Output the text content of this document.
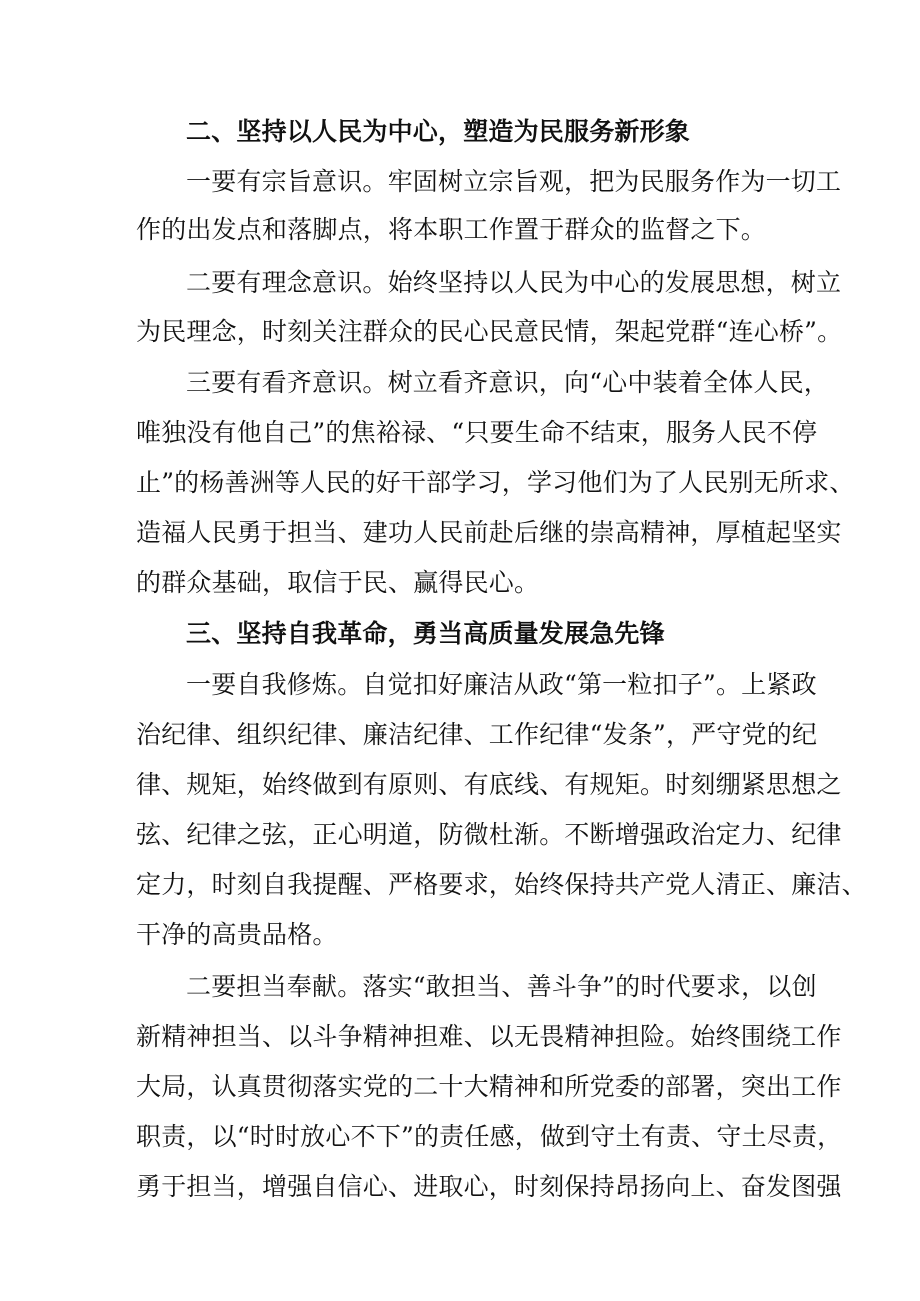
二、坚持以人民为中心，塑造为民服务新形象
一要有宗旨意识。牢固树立宗旨观，把为民服务作为一切工
作的出发点和落脚点，将本职工作置于群众的监督之下。
二要有理念意识。始终坚持以人民为中心的发展思想，树立
为民理念，时刻关注群众的民心民意民情，架起党群“连心桥”。
三要有看齐意识。树立看齐意识，向“心中装着全体人民，
唯独没有他自己”的焦裕禄、“只要生命不结束，服务人民不停
止”的杨善洲等人民的好干部学习，学习他们为了人民别无所求、
造福人民勇于担当、建功人民前赴后继的崇高精神，厚植起坚实
的群众基础，取信于民、赢得民心。
三、坚持自我革命，勇当高质量发展急先锋
一要自我修炼。自觉扣好廉洁从政“第一粒扣子”。上紧政
治纪律、组织纪律、廉洁纪律、工作纪律“发条”，严守党的纪
律、规矩，始终做到有原则、有底线、有规矩。时刻绷紧思想之
弦、纪律之弦，正心明道，防微杜渐。不断增强政治定力、纪律
定力，时刻自我提醒、严格要求，始终保持共产党人清正、廉洁、
干净的高贵品格。
二要担当奉献。落实“敢担当、善斗争”的时代要求，以创
新精神担当、以斗争精神担难、以无畏精神担险。始终围绕工作
大局，认真贯彻落实党的二十大精神和所党委的部署，突出工作
职责，以“时时放心不下”的责任感，做到守土有责、守土尽责，
勇于担当，增强自信心、进取心，时刻保持昂扬向上、奋发图强
